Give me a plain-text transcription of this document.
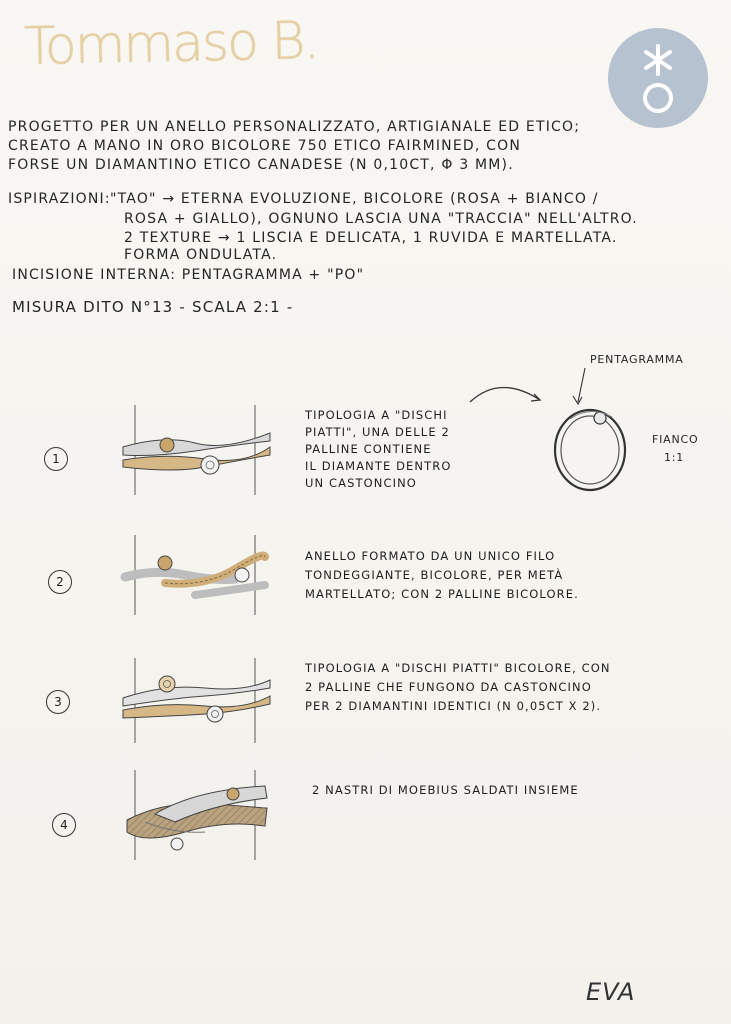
Tommaso B.
PROGETTO PER UN ANELLO PERSONALIZZATO, ARTIGIANALE ED ETICO;
CREATO A MANO IN ORO BICOLORE 750 ETICO FAIRMINED, CON
FORSE UN DIAMANTINO ETICO CANADESE (N 0,10CT, Φ 3 MM).
ISPIRAZIONI: "TAO" → ETERNA EVOLUZIONE, BICOLORE (ROSA + BIANCO /
ROSA + GIALLO), OGNUNO LASCIA UNA "TRACCIA" NELL'ALTRO.
2 TEXTURE → 1 LISCIA E DELICATA, 1 RUVIDA E MARTELLATA.
FORMA ONDULATA.
INCISIONE INTERNA: PENTAGRAMMA + "PO"
MISURA DITO N°13 - SCALA 2:1 -
PENTAGRAMMA
FIANCO
1:1
1
TIPOLOGIA A "DISCHI
PIATTI", UNA DELLE 2
PALLINE CONTIENE
IL DIAMANTE DENTRO
UN CASTONCINO
2
ANELLO FORMATO DA UN UNICO FILO
TONDEGGIANTE, BICOLORE, PER METÀ
MARTELLATO; CON 2 PALLINE BICOLORE.
3
TIPOLOGIA A "DISCHI PIATTI" BICOLORE, CON
2 PALLINE CHE FUNGONO DA CASTONCINO
PER 2 DIAMANTINI IDENTICI (N 0,05CT X 2).
4
2 NASTRI DI MOEBIUS SALDATI INSIEME
EVA
